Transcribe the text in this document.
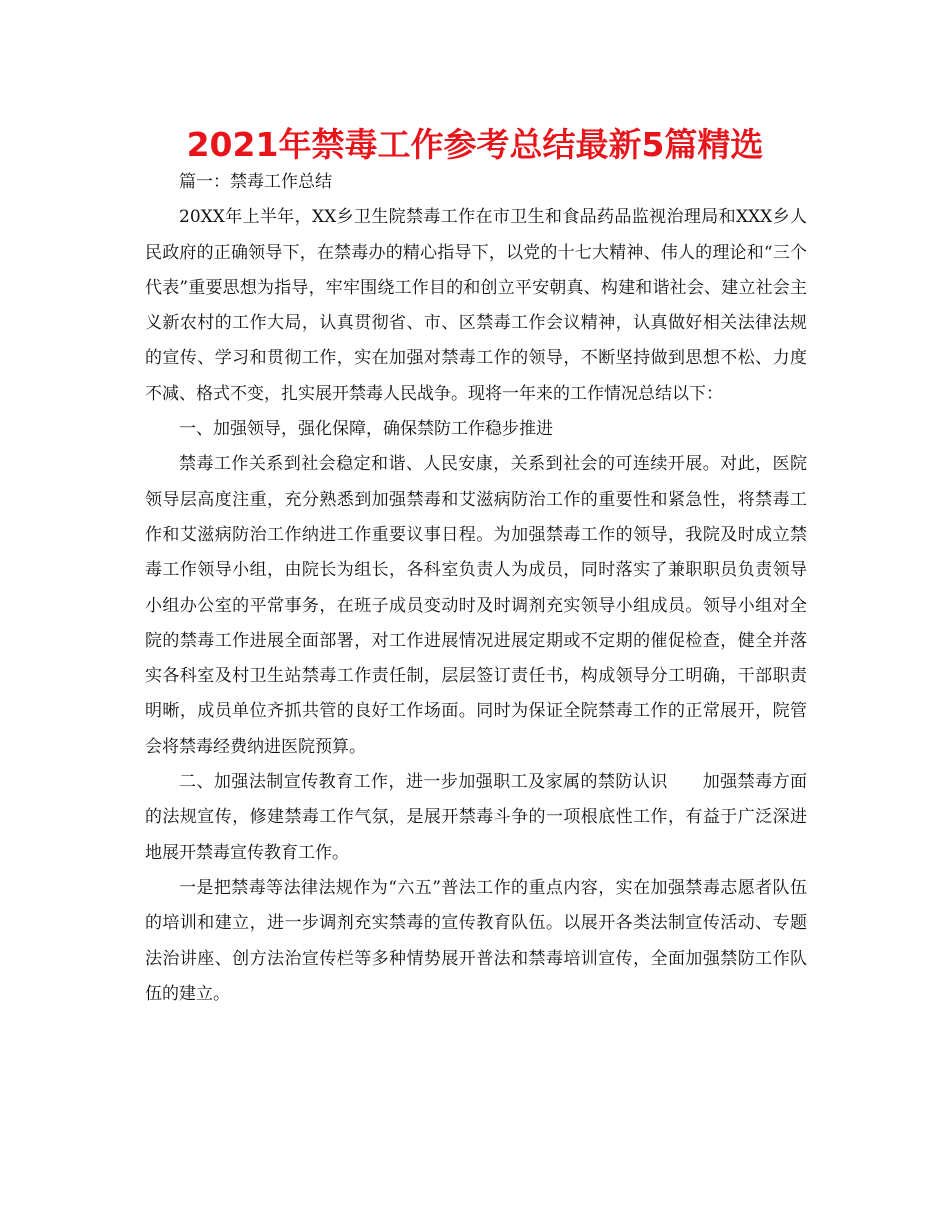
2021年禁毒工作参考总结最新5篇精选

篇一：禁毒工作总结

20XX年上半年，XX乡卫生院禁毒工作在市卫生和食品药品监视治理局和XXX乡人民政府的正确领导下，在禁毒办的精心指导下，以党的十七大精神、伟人的理论和“三个代表”重要思想为指导，牢牢围绕工作目的和创立平安朝真、构建和谐社会、建立社会主义新农村的工作大局，认真贯彻省、市、区禁毒工作会议精神，认真做好相关法律法规的宣传、学习和贯彻工作，实在加强对禁毒工作的领导，不断坚持做到思想不松、力度不减、格式不变，扎实展开禁毒人民战争。现将一年来的工作情况总结以下：

一、加强领导，强化保障，确保禁防工作稳步推进

禁毒工作关系到社会稳定和谐、人民安康，关系到社会的可连续开展。对此，医院领导层高度注重，充分熟悉到加强禁毒和艾滋病防治工作的重要性和紧急性，将禁毒工作和艾滋病防治工作纳进工作重要议事日程。为加强禁毒工作的领导，我院及时成立禁毒工作领导小组，由院长为组长，各科室负责人为成员，同时落实了兼职职员负责领导小组办公室的平常事务，在班子成员变动时及时调剂充实领导小组成员。领导小组对全院的禁毒工作进展全面部署，对工作进展情况进展定期或不定期的催促检查，健全并落实各科室及村卫生站禁毒工作责任制，层层签订责任书，构成领导分工明确，干部职责明晰，成员单位齐抓共管的良好工作场面。同时为保证全院禁毒工作的正常展开，院管会将禁毒经费纳进医院预算。

二、加强法制宣传教育工作，进一步加强职工及家属的禁防认识　　加强禁毒方面的法规宣传，修建禁毒工作气氛，是展开禁毒斗争的一项根底性工作，有益于广泛深进地展开禁毒宣传教育工作。

一是把禁毒等法律法规作为“六五”普法工作的重点内容，实在加强禁毒志愿者队伍的培训和建立，进一步调剂充实禁毒的宣传教育队伍。以展开各类法制宣传活动、专题法治讲座、创方法治宣传栏等多种情势展开普法和禁毒培训宣传，全面加强禁防工作队伍的建立。
